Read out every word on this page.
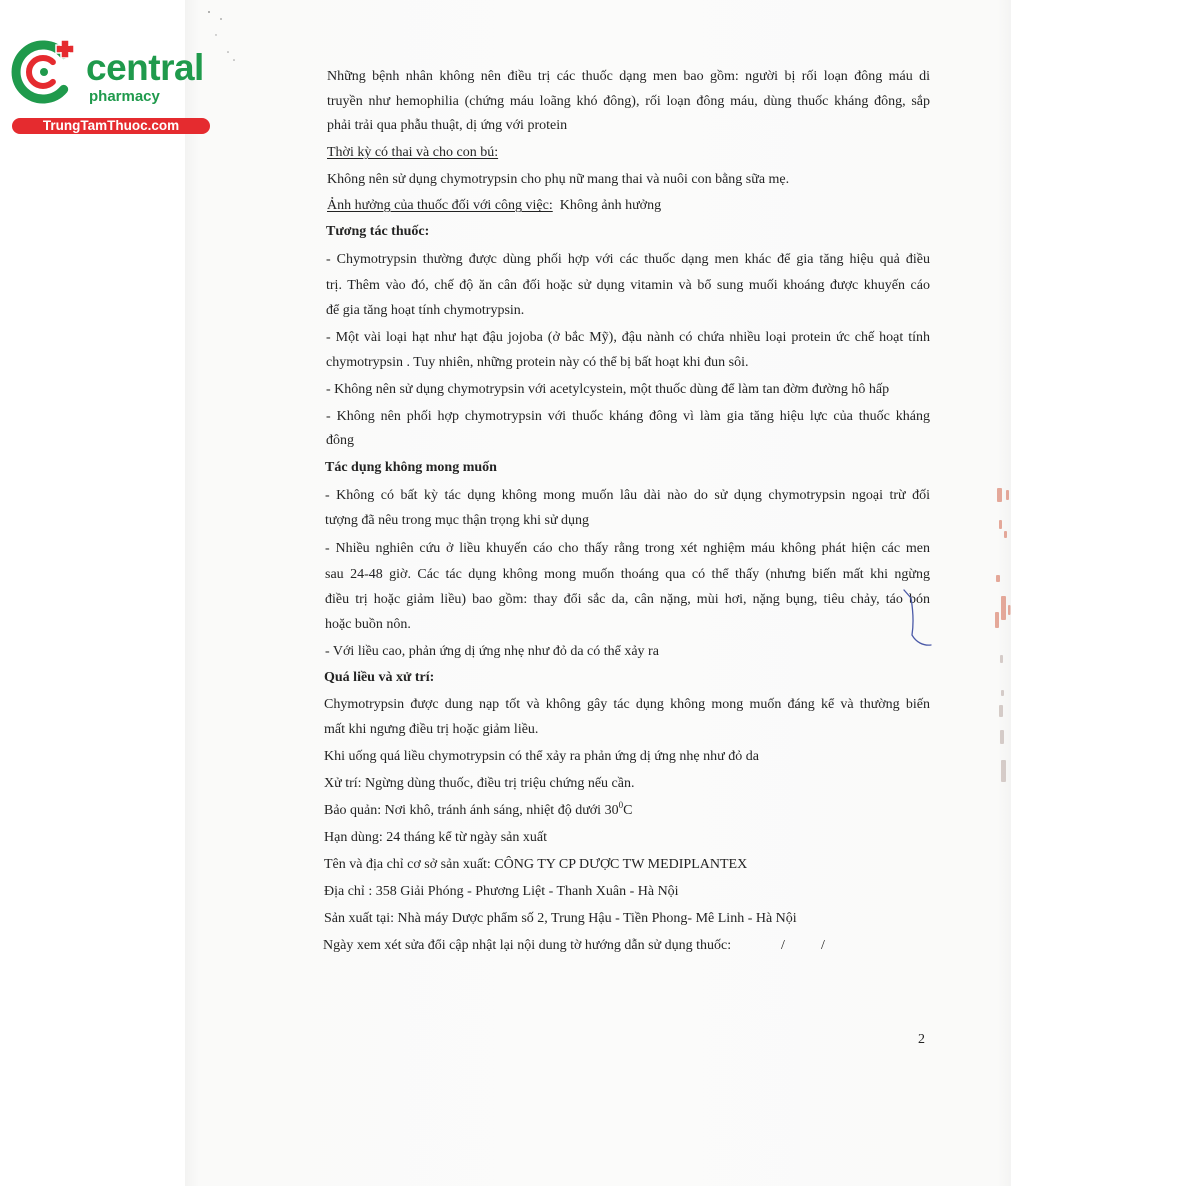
central
pharmacy
TrungTamThuoc.com
Những bệnh nhân không nên điều trị các thuốc dạng men bao gồm: người bị rối loạn đông máu di
truyền như hemophilia (chứng máu loãng khó đông), rối loạn đông máu, dùng thuốc kháng đông, sắp
phải trải qua phẫu thuật, dị ứng với protein
Thời kỳ có thai và cho con bú:
Không nên sử dụng chymotrypsin cho phụ nữ mang thai và nuôi con bằng sữa mẹ.
Ảnh hưởng của thuốc đối với công việc: Không ảnh hưởng
Tương tác thuốc:
- Chymotrypsin thường được dùng phối hợp với các thuốc dạng men khác để gia tăng hiệu quả điều
trị. Thêm vào đó, chế độ ăn cân đối hoặc sử dụng vitamin và bổ sung muối khoáng được khuyến cáo
để gia tăng hoạt tính chymotrypsin.
- Một vài loại hạt như hạt đậu jojoba (ở bắc Mỹ), đậu nành có chứa nhiều loại protein ức chế hoạt tính
chymotrypsin . Tuy nhiên, những protein này có thể bị bất hoạt khi đun sôi.
- Không nên sử dụng chymotrypsin với acetylcystein, một thuốc dùng để làm tan đờm đường hô hấp
- Không nên phối hợp chymotrypsin với thuốc kháng đông vì làm gia tăng hiệu lực của thuốc kháng
đông
Tác dụng không mong muốn
- Không có bất kỳ tác dụng không mong muốn lâu dài nào do sử dụng chymotrypsin ngoại trừ đối
tượng đã nêu trong mục thận trọng khi sử dụng
- Nhiều nghiên cứu ở liều khuyến cáo cho thấy rằng trong xét nghiệm máu không phát hiện các men
sau 24-48 giờ. Các tác dụng không mong muốn thoáng qua có thể thấy (nhưng biến mất khi ngừng
điều trị hoặc giảm liều) bao gồm: thay đổi sắc da, cân nặng, mùi hơi, nặng bụng, tiêu chảy, táo bón
hoặc buồn nôn.
- Với liều cao, phản ứng dị ứng nhẹ như đỏ da có thể xảy ra
Quá liều và xử trí:
Chymotrypsin được dung nạp tốt và không gây tác dụng không mong muốn đáng kể và thường biến
mất khi ngưng điều trị hoặc giảm liều.
Khi uống quá liều chymotrypsin có thể xảy ra phản ứng dị ứng nhẹ như đỏ da
Xử trí: Ngừng dùng thuốc, điều trị triệu chứng nếu cần.
Bảo quản: Nơi khô, tránh ánh sáng, nhiệt độ dưới $30^0C$
Hạn dùng: 24 tháng kể từ ngày sản xuất
Tên và địa chỉ cơ sở sản xuất: CÔNG TY CP DƯỢC TW MEDIPLANTEX
Địa chỉ : 358 Giải Phóng - Phương Liệt - Thanh Xuân - Hà Nội
Sản xuất tại: Nhà máy Dược phẩm số 2, Trung Hậu - Tiền Phong- Mê Linh - Hà Nội
Ngày xem xét sửa đổi cập nhật lại nội dung tờ hướng dẫn sử dụng thuốc:	/	/
2
